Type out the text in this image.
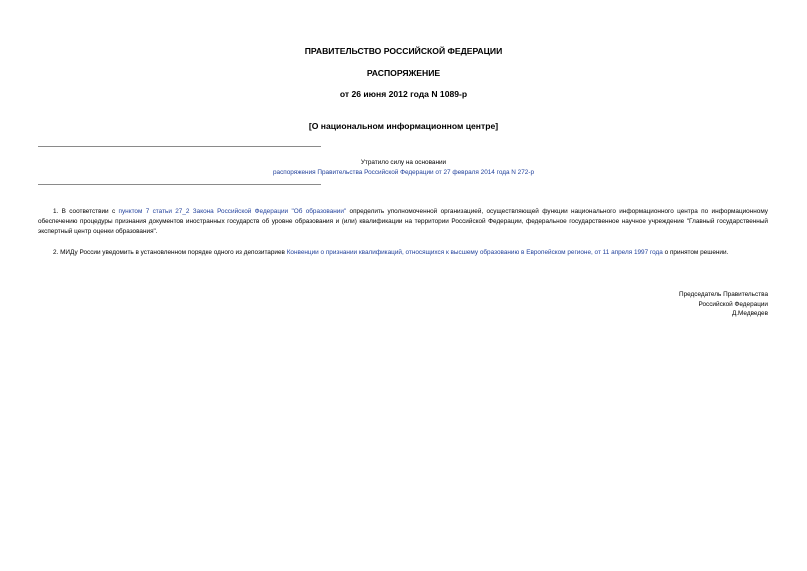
ПРАВИТЕЛЬСТВО РОССИЙСКОЙ ФЕДЕРАЦИИ
РАСПОРЯЖЕНИЕ
от 26 июня 2012 года N 1089-р
[О национальном информационном центре]
Утратило силу на основании
распоряжения Правительства Российской Федерации от 27 февраля 2014 года N 272-р
1. В соответствии с пунктом 7 статьи 27_2 Закона Российской Федерации "Об образовании" определить уполномоченной организацией, осуществляющей функции национального информационного центра по информационному обеспечению процедуры признания документов иностранных государств об уровне образования и (или) квалификации на территории Российской Федерации, федеральное государственное научное учреждение "Главный государственный экспертный центр оценки образования".
2. МИДу России уведомить в установленном порядке одного из депозитариев Конвенции о признании квалификаций, относящихся к высшему образованию в Европейском регионе, от 11 апреля 1997 года о принятом решении.
Председатель Правительства
Российской Федерации
Д.Медведев
